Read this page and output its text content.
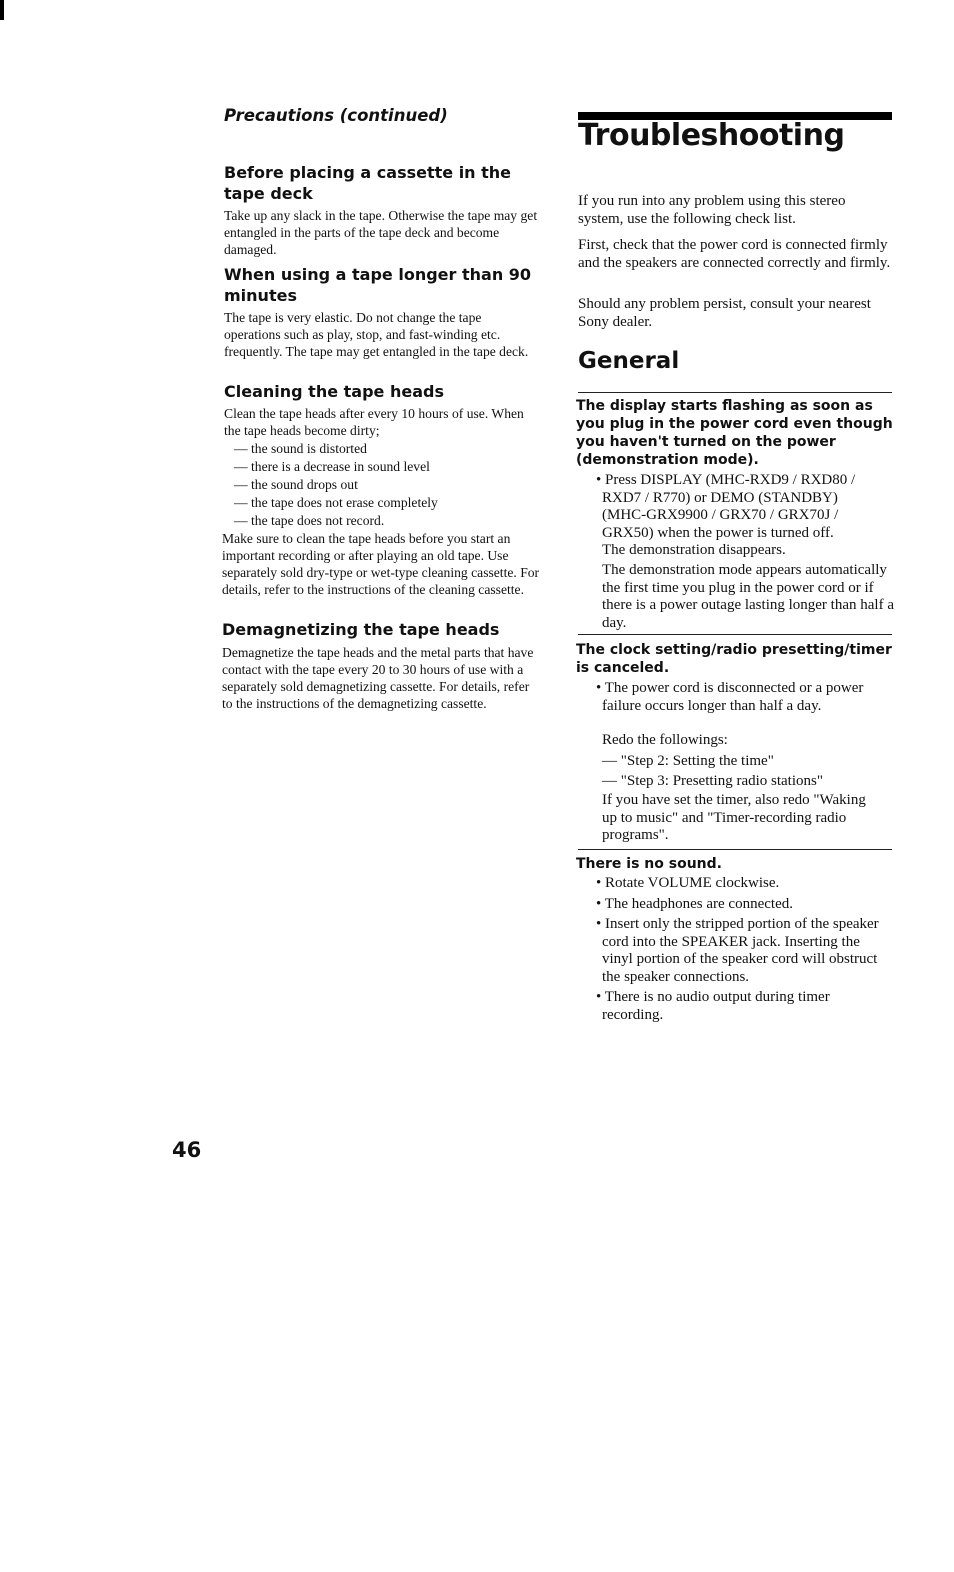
Precautions (continued)

Before placing a cassette in the tape deck

Take up any slack in the tape. Otherwise the tape may get entangled in the parts of the tape deck and become damaged.

When using a tape longer than 90 minutes

The tape is very elastic. Do not change the tape operations such as play, stop, and fast-winding etc. frequently. The tape may get entangled in the tape deck.

Cleaning the tape heads

Clean the tape heads after every 10 hours of use. When the tape heads become dirty;

— the sound is distorted
— there is a decrease in sound level
— the sound drops out
— the tape does not erase completely
— the tape does not record.

Make sure to clean the tape heads before you start an important recording or after playing an old tape. Use separately sold dry-type or wet-type cleaning cassette. For details, refer to the instructions of the cleaning cassette.

Demagnetizing the tape heads

Demagnetize the tape heads and the metal parts that have contact with the tape every 20 to 30 hours of use with a separately sold demagnetizing cassette. For details, refer to the instructions of the demagnetizing cassette.

Troubleshooting

If you run into any problem using this stereo system, use the following check list.

First, check that the power cord is connected firmly and the speakers are connected correctly and firmly.

Should any problem persist, consult your nearest Sony dealer.

General
The display starts flashing as soon as you plug in the power cord even though you haven't turned on the power (demonstration mode).
• Press DISPLAY (MHC-RXD9 / RXD80 / RXD7 / R770) or DEMO (STANDBY) (MHC-GRX9900 / GRX70 / GRX70J / GRX50) when the power is turned off.

The demonstration disappears.

The demonstration mode appears automatically the first time you plug in the power cord or if there is a power outage lasting longer than half a day.

The clock setting/radio presetting/timer is canceled.
• The power cord is disconnected or a power failure occurs longer than half a day.

Redo the followings:

— "Step 2: Setting the time"
— "Step 3: Presetting radio stations"

If you have set the timer, also redo "Waking up to music" and "Timer-recording radio programs".

There is no sound.
• Rotate VOLUME clockwise.
• The headphones are connected.
• Insert only the stripped portion of the speaker cord into the SPEAKER jack. Inserting the vinyl portion of the speaker cord will obstruct the speaker connections.
• There is no audio output during timer recording.

46
